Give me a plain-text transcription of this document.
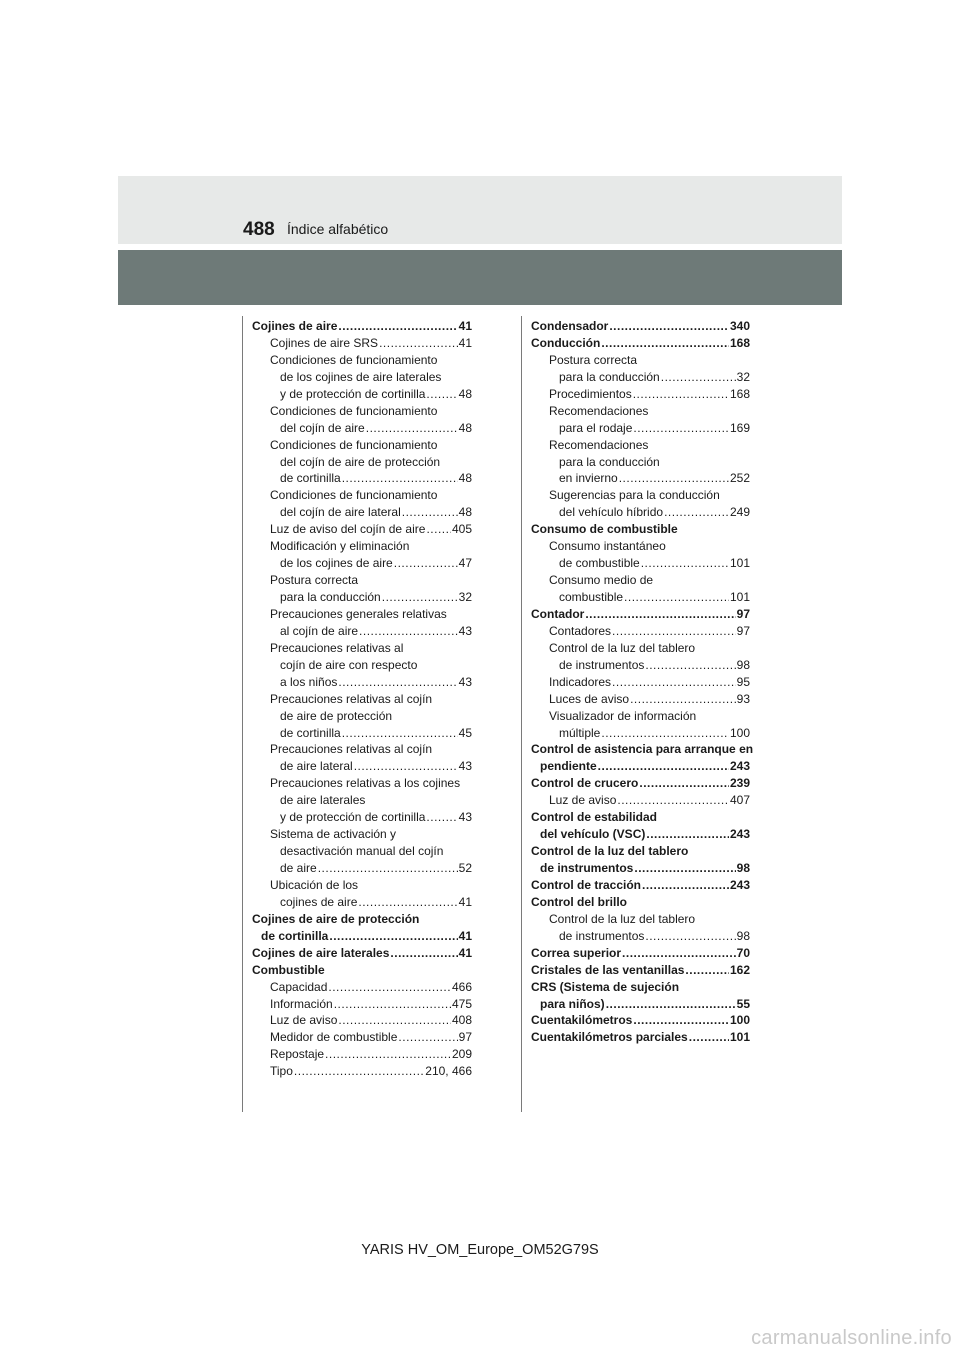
488 Índice alfabético
Cojines de aire .....	41
Cojines de aire SRS .....	41
Condiciones de funcionamiento
de los cojines de aire laterales
y de protección de cortinilla .....	48
Condiciones de funcionamiento
del cojín de aire .....	48
Condiciones de funcionamiento
del cojín de aire de protección
de cortinilla .....	48
Condiciones de funcionamiento
del cojín de aire lateral .....	48
Luz de aviso del cojín de aire ..... 405
Modificación y eliminación
de los cojines de aire .....	47
Postura correcta
para la conducción .....	32
Precauciones generales relativas
al cojín de aire .....	43
Precauciones relativas al
cojín de aire con respecto
a los niños .....	43
Precauciones relativas al cojín
de aire de protección
de cortinilla .....	45
Precauciones relativas al cojín
de aire lateral .....	43
Precauciones relativas a los cojines
de aire laterales
y de protección de cortinilla .....	43
Sistema de activación y
desactivación manual del cojín
de aire .....	52
Ubicación de los
cojines de aire .....	41
Cojines de aire de protección
de cortinilla .....	41
Cojines de aire laterales .....	41
Combustible
Capacidad .....	466
Información .....	475
Luz de aviso .....	408
Medidor de combustible .....	97
Repostaje .....	209
Tipo .....	210, 466
Condensador .....	340
Conducción .....	168
Postura correcta
para la conducción .....	32
Procedimientos .....	168
Recomendaciones
para el rodaje .....	169
Recomendaciones
para la conducción
en invierno .....	252
Sugerencias para la conducción
del vehículo híbrido .....	249
Consumo de combustible
Consumo instantáneo
de combustible .....	101
Consumo medio de
combustible .....	101
Contador .....	97
Contadores .....	97
Control de la luz del tablero
de instrumentos .....	98
Indicadores .....	95
Luces de aviso .....	93
Visualizador de información
múltiple .....	100
Control de asistencia para arranque en
pendiente .....	243
Control de crucero .....	239
Luz de aviso .....	407
Control de estabilidad
del vehículo (VSC) .....	243
Control de la luz del tablero
de instrumentos .....	98
Control de tracción .....	243
Control del brillo
Control de la luz del tablero
de instrumentos .....	98
Correa superior .....	70
Cristales de las ventanillas .....	162
CRS (Sistema de sujeción
para niños) .....	55
Cuentakilómetros .....	100
Cuentakilómetros parciales .....	101
YARIS HV_OM_Europe_OM52G79S
carmanualsonline.info
